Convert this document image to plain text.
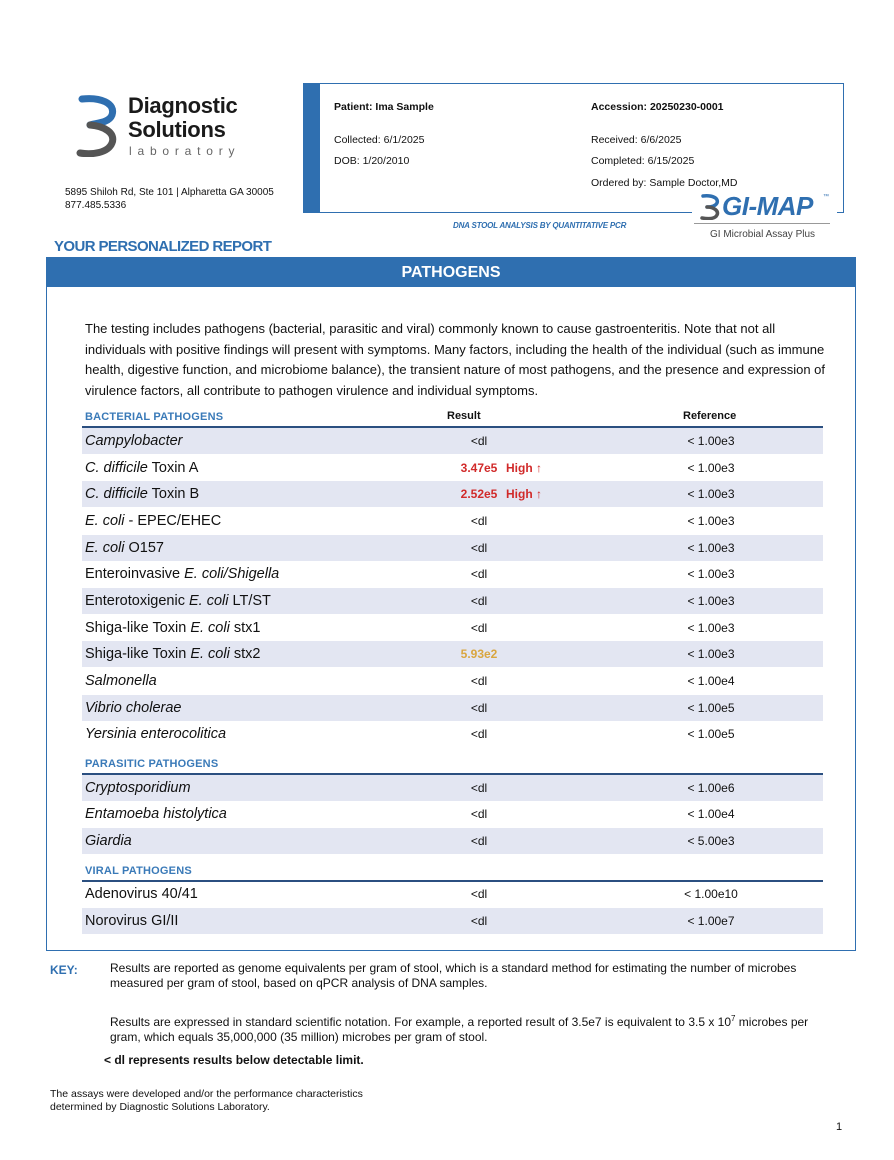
Diagnostic
Solutions
laboratory
5895 Shiloh Rd, Ste 101 | Alpharetta GA 30005
877.485.5336
Patient: Ima Sample	Accession: 20250230-0001
Collected: 6/1/2025	Received: 6/6/2025
DOB: 1/20/2010	Completed: 6/15/2025
Ordered by: Sample Doctor,MD
GI-MAP ™
GI Microbial Assay Plus
DNA STOOL ANALYSIS BY QUANTITATIVE PCR
YOUR PERSONALIZED REPORT
PATHOGENS
The testing includes pathogens (bacterial, parasitic and viral) commonly known to cause gastroenteritis. Note that not all individuals with positive findings will present with symptoms. Many factors, including the health of the individual (such as immune health, digestive function, and microbiome balance), the transient nature of most pathogens, and the presence and expression of virulence factors, all contribute to pathogen virulence and individual symptoms.
Result	Reference
BACTERIAL PATHOGENS
Campylobacter	<dl	< 1.00e3
C. difficile Toxin A	3.47e5 High ↑	< 1.00e3
C. difficile Toxin B	2.52e5 High ↑	< 1.00e3
E. coli - EPEC/EHEC	<dl	< 1.00e3
E. coli O157	<dl	< 1.00e3
Enteroinvasive E. coli/Shigella	<dl	< 1.00e3
Enterotoxigenic E. coli LT/ST	<dl	< 1.00e3
Shiga-like Toxin E. coli stx1	<dl	< 1.00e3
Shiga-like Toxin E. coli stx2	5.93e2	< 1.00e3
Salmonella	<dl	< 1.00e4
Vibrio cholerae	<dl	< 1.00e5
Yersinia enterocolitica	<dl	< 1.00e5
PARASITIC PATHOGENS
Cryptosporidium	<dl	< 1.00e6
Entamoeba histolytica	<dl	< 1.00e4
Giardia	<dl	< 5.00e3
VIRAL PATHOGENS
Adenovirus 40/41	<dl	< 1.00e10
Norovirus GI/II	<dl	< 1.00e7
KEY:	Results are reported as genome equivalents per gram of stool, which is a standard method for estimating the number of microbes measured per gram of stool, based on qPCR analysis of DNA samples.
Results are expressed in standard scientific notation. For example, a reported result of 3.5e7 is equivalent to 3.5 x $10^7$ microbes per gram, which equals 35,000,000 (35 million) microbes per gram of stool.
< dl represents results below detectable limit.
The assays were developed and/or the performance characteristics
determined by Diagnostic Solutions Laboratory.
1
